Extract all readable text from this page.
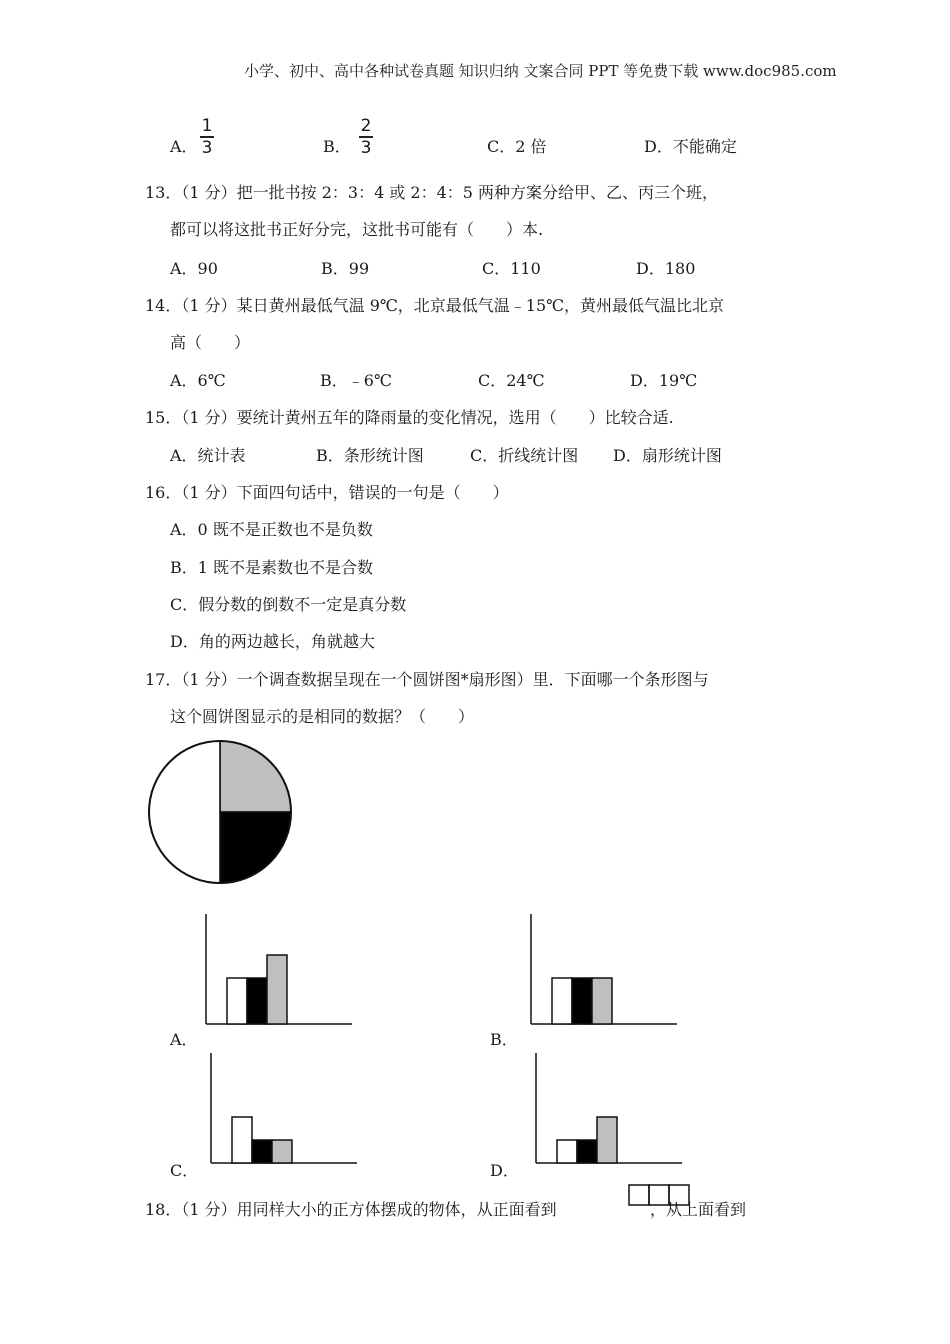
小学、初中、高中各种试卷真题 知识归纳 文案合同 PPT 等免费下载 www.doc985.com
A．
1
3	B．
2
3	C．2 倍	D．不能确定
13．（1 分）把一批书按 2：3：4 或 2：4：5 两种方案分给甲、乙、丙三个班，
都可以将这批书正好分完，这批书可能有（　　）本.
A．90	B．99	C．110	D．180
14．（1 分）某日黄州最低气温 9℃，北京最低气温﹣15℃，黄州最低气温比北京
高（　　）
A．6℃	B．﹣6℃	C．24℃	D．19℃
15．（1 分）要统计黄州五年的降雨量的变化情况，选用（　　）比较合适.
A．统计表	B．条形统计图	C．折线统计图 D．扇形统计图
16．（1 分）下面四句话中，错误的一句是（　　）
A．0 既不是正数也不是负数
B．1 既不是素数也不是合数
C．假分数的倒数不一定是真分数
D．角的两边越长，角就越大
17．（1 分）一个调查数据呈现在一个圆饼图*扇形图）里．下面哪一个条形图与
这个圆饼图显示的是相同的数据？（　　）
A．	B．
C．	D．
18．（1 分）用同样大小的正方体摆成的物体，从正面看到	，从上面看到
